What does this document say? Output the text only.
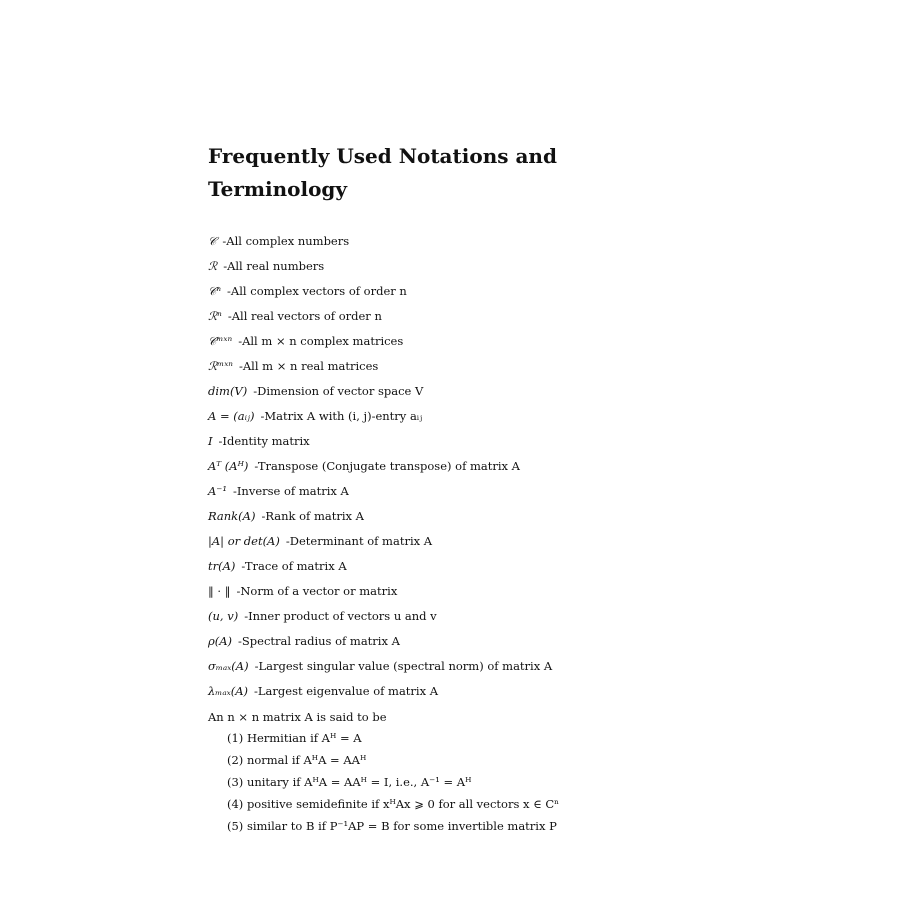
Frequently Used Notations and Terminology
𝒞 -All complex numbers
ℛ -All real numbers
𝒞ⁿ -All complex vectors of order n
ℛⁿ -All real vectors of order n
𝒞ᵐˣⁿ -All m × n complex matrices
ℛᵐˣⁿ -All m × n real matrices
dim(V) -Dimension of vector space V
A = (aᵢⱼ) -Matrix A with (i, j)-entry aᵢⱼ
I -Identity matrix
Aᵀ (Aᴴ) -Transpose (Conjugate transpose) of matrix A
A⁻¹ -Inverse of matrix A
Rank(A) -Rank of matrix A
|A| or det(A) -Determinant of matrix A
tr(A) -Trace of matrix A
‖ · ‖ -Norm of a vector or matrix
(u, v) -Inner product of vectors u and v
ρ(A) -Spectral radius of matrix A
σₘₐₓ(A) -Largest singular value (spectral norm) of matrix A
λₘₐₓ(A) -Largest eigenvalue of matrix A
An n × n matrix A is said to be
(1) Hermitian if Aᴴ = A
(2) normal if AᴴA = AAᴴ
(3) unitary if AᴴA = AAᴴ = I, i.e., A⁻¹ = Aᴴ
(4) positive semidefinite if xᴴAx ⩾ 0 for all vectors x ∈ Cⁿ
(5) similar to B if P⁻¹AP = B for some invertible matrix P
